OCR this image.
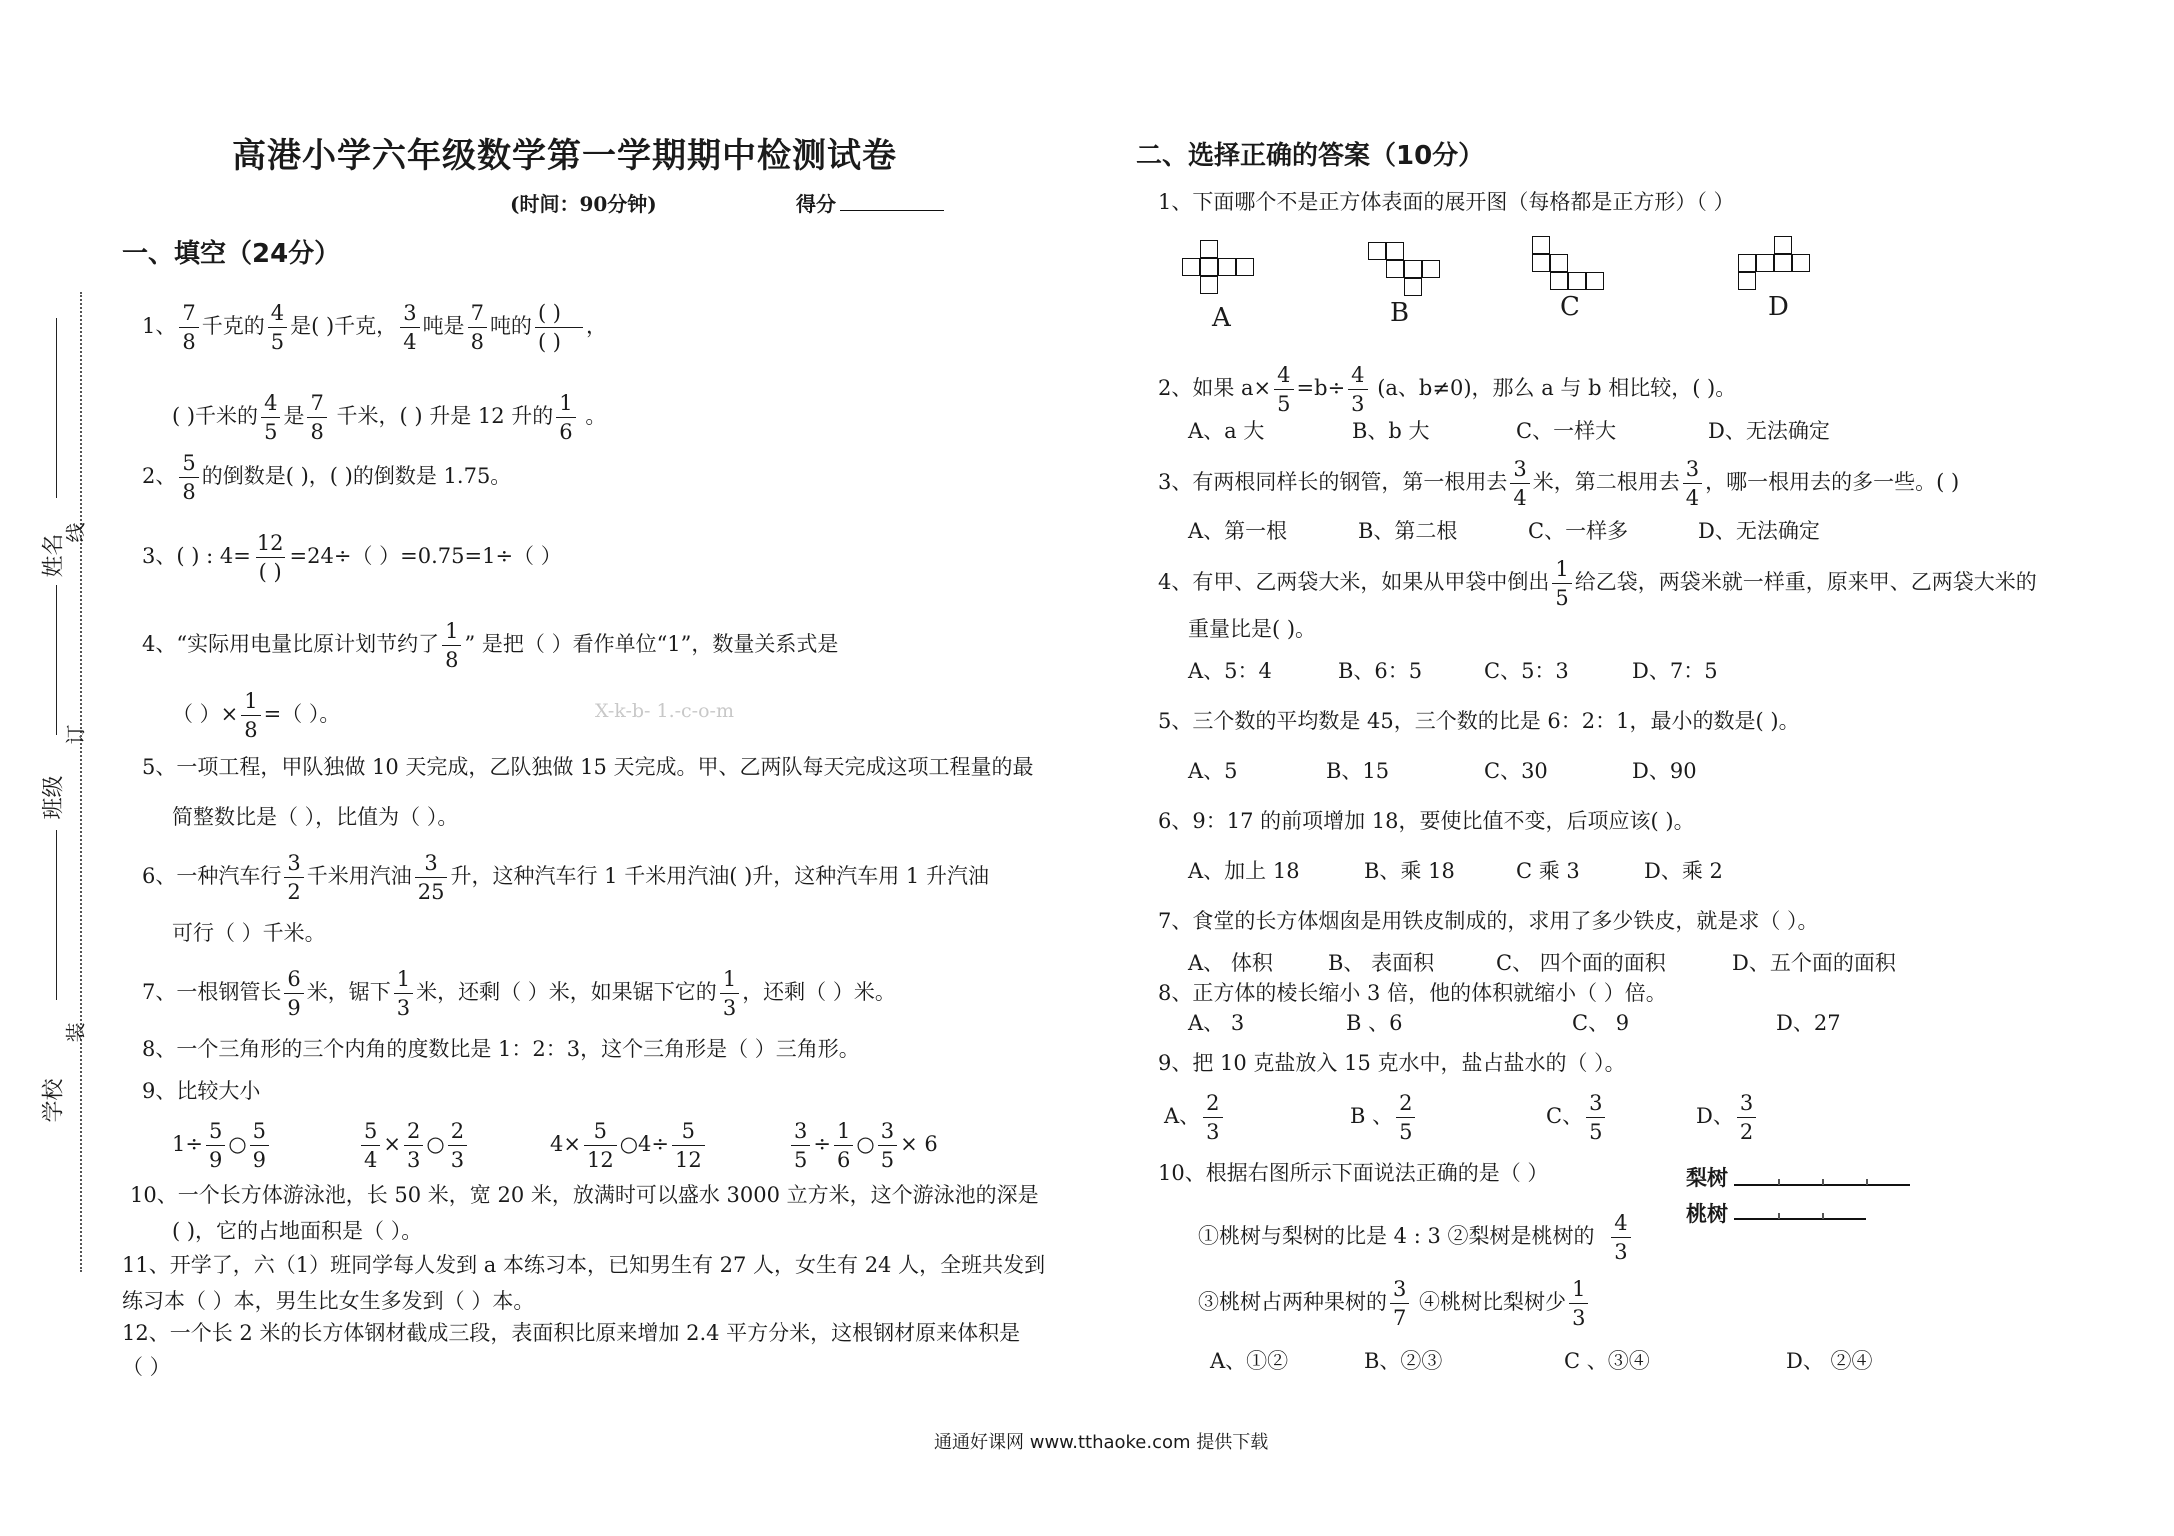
高港小学六年级数学第一学期期中检测试卷
(时间：90分钟)	得分
姓名
班级
学校
线
订
装
一、填空（24分）
1、 $\frac{7}{8}$ 千克的 $\frac{4}{5}$ 是( )千克， $\frac{3}{4}$ 吨是 $\frac{7}{8}$ 吨的 $\frac{( )}{( )}$ ，
( )千米的 $\frac{4}{5}$ 是 $\frac{7}{8}$ 千米，( ) 升是 12 升的 $\frac{1}{6}$ 。
2、 $\frac{5}{8}$ 的倒数是( )，( )的倒数是 1.75。
3、( ) : $4= \frac{12}{( )} =24\div$（ ）=0.75=1÷（ ）
4、“实际用电量比原计划节约了 $\frac{1}{8}$ ” 是把（ ）看作单位“1”，数量关系式是
（ ）× $\frac{1}{8}$ =（ ）。	X-k-b- 1.-c-o-m
5、一项工程，甲队独做 10 天完成，乙队独做 15 天完成。甲、乙两队每天完成这项工程量的最
简整数比是（ ），比值为（ ）。
6、一种汽车行 $\frac{3}{2}$ 千米用汽油 $\frac{3}{25}$ 升，这种汽车行 1 千米用汽油( )升，这种汽车用 1 升汽油
可行（ ）千米。
7、一根钢管长 $\frac{6}{9}$ 米，锯下 $\frac{1}{3}$ 米，还剩（ ）米，如果锯下它的 $\frac{1}{3}$ ，还剩（ ）米。
8、一个三角形的三个内角的度数比是 1：2：3，这个三角形是（ ）三角形。
9、比较大小
$1\div \frac{5}{9}$ ○ $\frac{5}{9}$	$\frac{5}{4} \times \frac{2}{3}$ ○ $\frac{2}{3}$	$4\times \frac{5}{12}$ ○4÷ $\frac{5}{12}$	$\frac{3}{5} \div \frac{1}{6}$ ○ $\frac{3}{5} \times 6$
10、一个长方体游泳池，长 50 米，宽 20 米，放满时可以盛水 3000 立方米，这个游泳池的深是
( )，它的占地面积是（ ）。
11、开学了，六（1）班同学每人发到 a 本练习本，已知男生有 27 人，女生有 24 人，全班共发到
练习本（ ）本，男生比女生多发到（ ）本。
12、一个长 2 米的长方体钢材截成三段，表面积比原来增加 2.4 平方分米，这根钢材原来体积是
（ ）
二、选择正确的答案（10分）
1、下面哪个不是正方体表面的展开图（每格都是正方形）（ ）
A	B	C	D
2、如果 $a\times \frac{4}{5} =b\div \frac{4}{3} (a$、b≠0)，那么 a 与 b 相比较，( )。
A、a 大	B、b 大	C、一样大	D、无法确定
3、有两根同样长的钢管，第一根用去 $\frac{3}{4}$ 米，第二根用去 $\frac{3}{4}$ ，哪一根用去的多一些。( )
A、第一根	B、第二根	C、一样多	D、无法确定
4、有甲、乙两袋大米，如果从甲袋中倒出 $\frac{1}{5}$ 给乙袋，两袋米就一样重，原来甲、乙两袋大米的
重量比是( )。
A、5：4	B、6：5	C、5：3	D、7：5
5、三个数的平均数是 45，三个数的比是 6：2：1，最小的数是( )。
A、5	B、15	C、30	D、90
6、9：17 的前项增加 18，要使比值不变，后项应该( )。
A、加上 18	B、乘 18	C 乘 3	D、乘 2
7、食堂的长方体烟囱是用铁皮制成的，求用了多少铁皮，就是求（ ）。
A、 体积	B、 表面积	C、 四个面的面积	D、五个面的面积
8、正方体的棱长缩小 3 倍，他的体积就缩小（ ）倍。
A、 3	B 、6	C、 9	D、27
9、把 10 克盐放入 15 克水中，盐占盐水的（ ）。
A、 $\frac{2}{3}$	B 、 $\frac{2}{5}$	C、 $\frac{3}{5}$	D、 $\frac{3}{2}$
10、根据右图所示下面说法正确的是（ ）	梨树
桃树
①桃树与梨树的比是 4 : 3 ②梨树是桃树的 $\frac{4}{3}$
③桃树占两种果树的 $\frac{3}{7}$ ④桃树比梨树少 $\frac{1}{3}$
A、①②	B、②③	C 、③④	D、 ②④
通通好课网 www.tthaoke.com 提供下载
